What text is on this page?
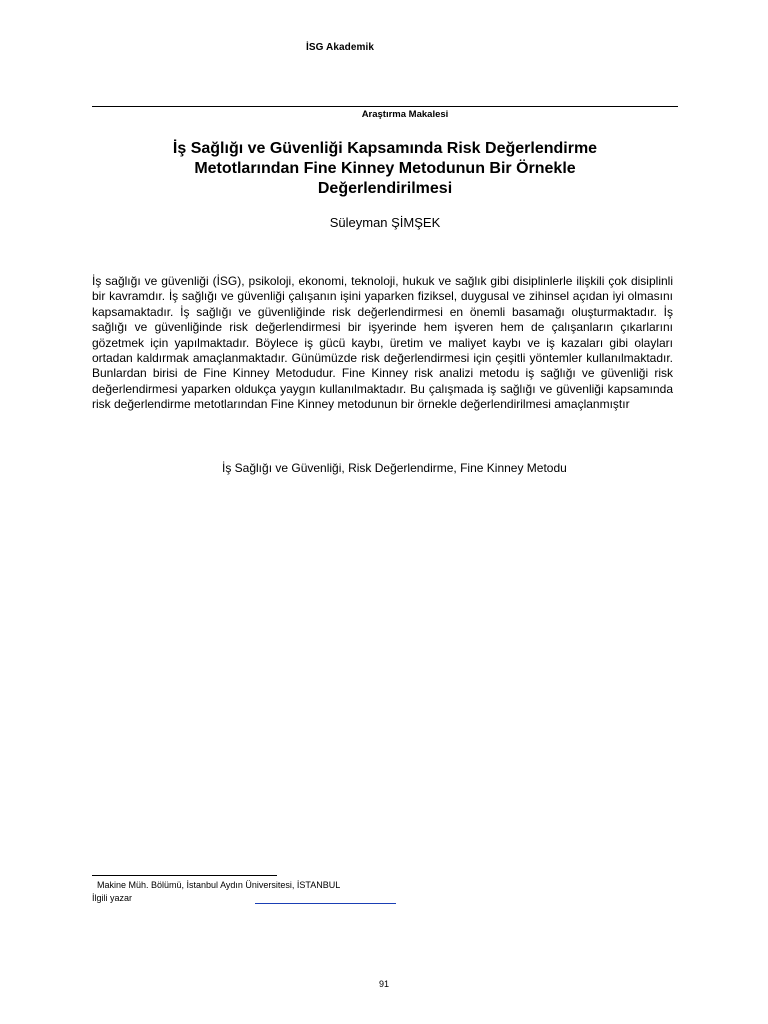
İSG Akademik
Araştırma Makalesi
İş Sağlığı ve Güvenliği Kapsamında Risk Değerlendirme
Metotlarından Fine Kinney Metodunun Bir Örnekle
Değerlendirilmesi
Süleyman ŞİMŞEK

İş sağlığı ve güvenliği (İSG), psikoloji, ekonomi, teknoloji, hukuk ve sağlık gibi disiplinlerle ilişkili çok disiplinli bir kavramdır. İş sağlığı ve güvenliği çalışanın işini yaparken fiziksel, duygusal ve zihinsel açıdan iyi olmasını kapsamaktadır. İş sağlığı ve güvenliğinde risk değerlendirmesi en önemli basamağı oluşturmaktadır. İş sağlığı ve güvenliğinde risk değerlendirmesi bir işyerinde hem işveren hem de çalışanların çıkarlarını gözetmek için yapılmaktadır. Böylece iş gücü kaybı, üretim ve maliyet kaybı ve iş kazaları gibi olayları ortadan kaldırmak amaçlanmaktadır. Günümüzde risk değerlendirmesi için çeşitli yöntemler kullanılmaktadır. Bunlardan birisi de Fine Kinney Metodudur. Fine Kinney risk analizi metodu iş sağlığı ve güvenliği risk değerlendirmesi yaparken oldukça yaygın kullanılmaktadır. Bu çalışmada iş sağlığı ve güvenliği kapsamında risk değerlendirme metotlarından Fine Kinney metodunun bir örnekle değerlendirilmesi amaçlanmıştır

İş Sağlığı ve Güvenliği, Risk Değerlendirme, Fine Kinney Metodu
Makine Müh. Bölümü, İstanbul Aydın Üniversitesi, İSTANBUL
İlgili yazar
91
